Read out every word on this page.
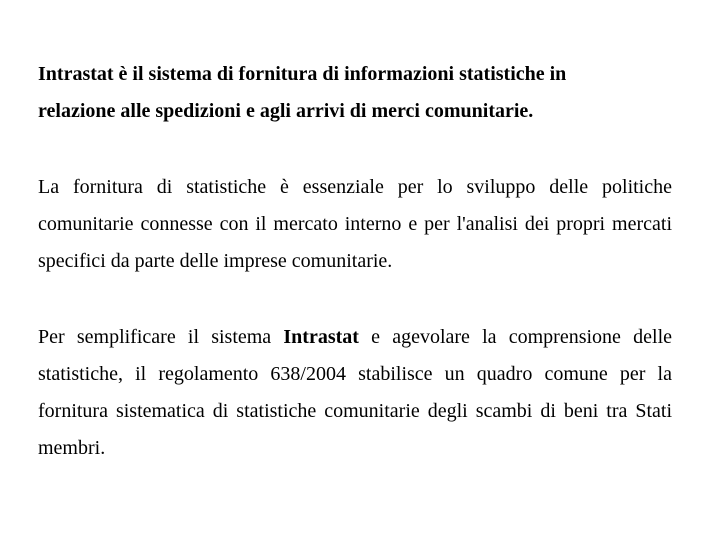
Intrastat è il sistema di fornitura di informazioni statistiche in
relazione alle spedizioni e agli arrivi di merci comunitarie.

La fornitura di statistiche è essenziale per lo sviluppo delle politiche comunitarie connesse con il mercato interno e per l'analisi dei propri mercati specifici da parte delle imprese comunitarie.

Per semplificare il sistema Intrastat e agevolare la comprensione delle statistiche, il regolamento 638/2004 stabilisce un quadro comune per la fornitura sistematica di statistiche comunitarie degli scambi di beni tra Stati membri.
